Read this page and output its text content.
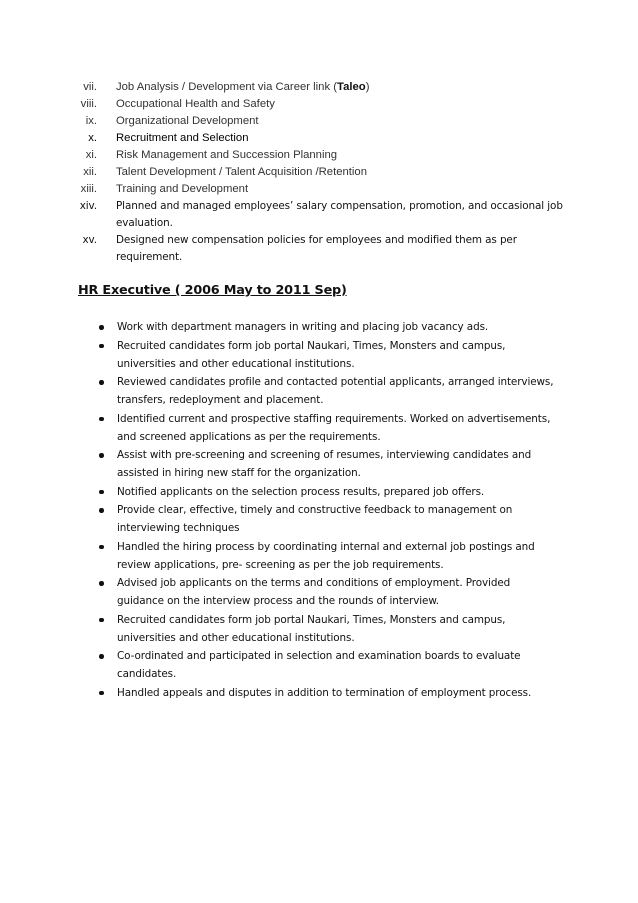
vii.	Job Analysis / Development via Career link (Taleo)
viii.	Occupational Health and Safety
ix.	Organizational Development
x.	Recruitment and Selection
xi.	Risk Management and Succession Planning
xii.	Talent Development / Talent Acquisition /Retention
xiii.	Training and Development
xiv.	Planned and managed employees’ salary compensation, promotion, and occasional job evaluation.
xv.	Designed new compensation policies for employees and modified them as per requirement.
HR Executive ( 2006 May to 2011 Sep)
Work with department managers in writing and placing job vacancy ads.
Recruited candidates form job portal Naukari, Times, Monsters and campus, universities and other educational institutions.
Reviewed candidates profile and contacted potential applicants, arranged interviews, transfers, redeployment and placement.
Identified current and prospective staffing requirements. Worked on advertisements, and screened applications as per the requirements.
Assist with pre-screening and screening of resumes, interviewing candidates and assisted in hiring new staff for the organization.
Notified applicants on the selection process results, prepared job offers.
Provide clear, effective, timely and constructive feedback to management on interviewing techniques
Handled the hiring process by coordinating internal and external job postings and review applications, pre- screening as per the job requirements.
Advised job applicants on the terms and conditions of employment. Provided guidance on the interview process and the rounds of interview.
Recruited candidates form job portal Naukari, Times, Monsters and campus, universities and other educational institutions.
Co-ordinated and participated in selection and examination boards to evaluate candidates.
Handled appeals and disputes in addition to termination of employment process.
